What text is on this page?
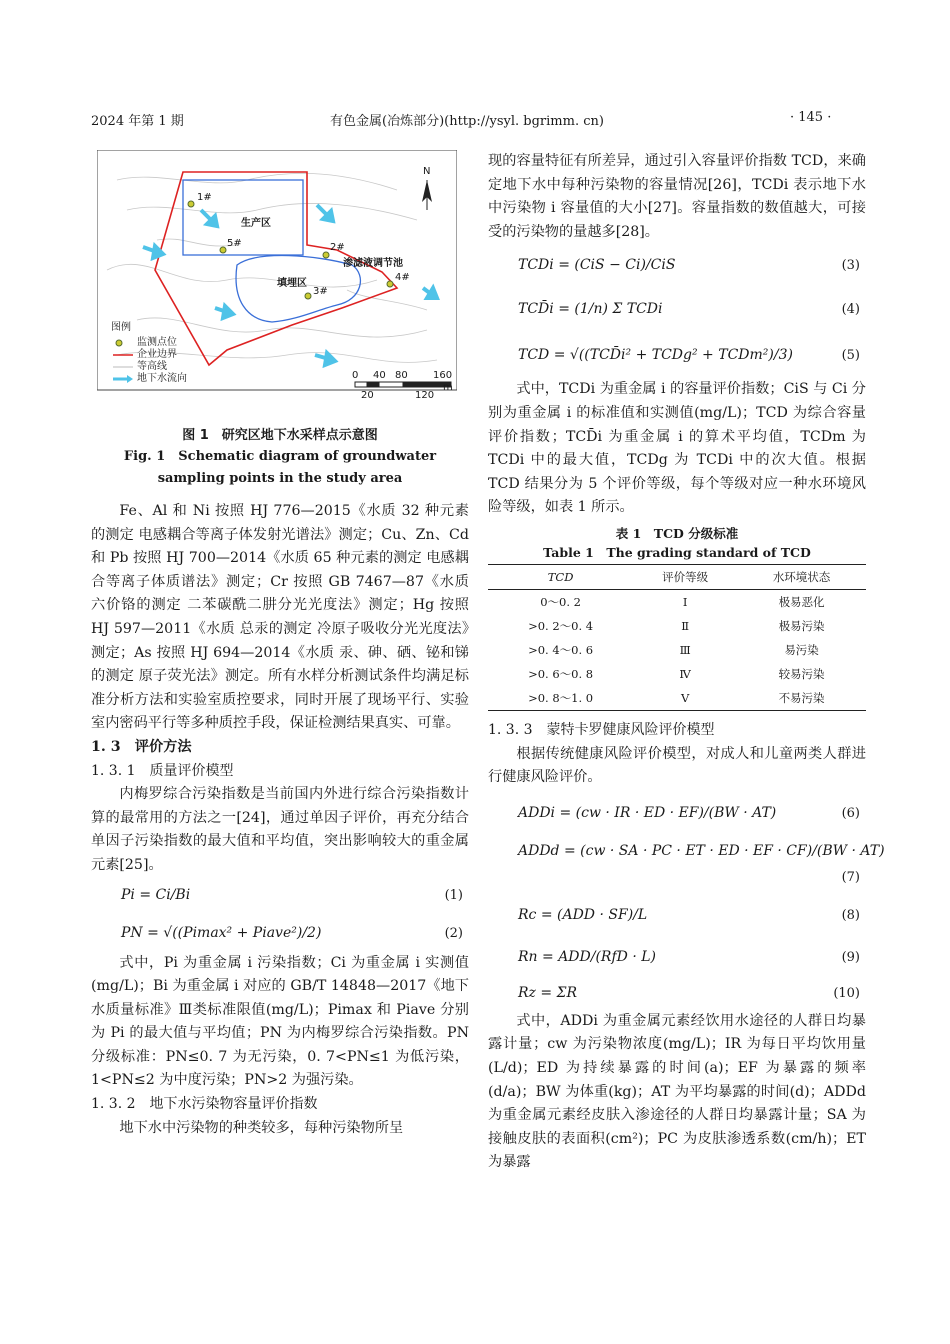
2024 年第 1 期	有色金属(冶炼部分)(http://ysyl. bgrimm. cn)	· 145 ·
N
1#
2#
3#
4#
5#
生产区
填埋区
渗滤液调节池
图例
监测点位
企业边界
等高线
地下水流向	0 40 80	160
20	120
m

图 1　研究区地下水采样点示意图

Fig. 1　Schematic diagram of groundwater

sampling points in the study area

Fe、Al 和 Ni 按照 HJ 776—2015《水质 32 种元素的测定 电感耦合等离子体发射光谱法》测定；Cu、Zn、Cd 和 Pb 按照 HJ 700—2014《水质 65 种元素的测定 电感耦合等离子体质谱法》测定；Cr 按照 GB 7467—87《水质 六价铬的测定 二苯碳酰二肼分光光度法》测定；Hg 按照 HJ 597—2011《水质 总汞的测定 冷原子吸收分光光度法》测定；As 按照 HJ 694—2014《水质 汞、砷、硒、铋和锑的测定 原子荧光法》测定。所有水样分析测试条件均满足标准分析方法和实验室质控要求，同时开展了现场平行、实验室内密码平行等多种质控手段，保证检测结果真实、可靠。

1. 3　评价方法

1. 3. 1　质量评价模型

内梅罗综合污染指数是当前国内外进行综合污染指数计算的最常用的方法之一[24]，通过单因子评价，再充分结合单因子污染指数的最大值和平均值，突出影响较大的重金属元素[25]。

Pi = Ci/Bi	(1)
PN = √((Pimax² + Piave²)/2)	(2)

式中，Pi 为重金属 i 污染指数；Ci 为重金属 i 实测值(mg/L)；Bi 为重金属 i 对应的 GB/T 14848—2017《地下水质量标准》Ⅲ类标准限值(mg/L)；Pimax 和 Piave 分别为 Pi 的最大值与平均值；PN 为内梅罗综合污染指数。PN 分级标准：PN≤0. 7 为无污染，0. 7<PN≤1 为低污染，1<PN≤2 为中度污染；PN>2 为强污染。

1. 3. 2　地下水污染物容量评价指数

地下水中污染物的种类较多，每种污染物所呈

现的容量特征有所差异，通过引入容量评价指数 TCD，来确定地下水中每种污染物的容量情况[26]，TCDi 表示地下水中污染物 i 容量值的大小[27]。容量指数的数值越大，可接受的污染物的量越多[28]。

TCDi = (CiS − Ci)/CiS	(3)
TCD̄i = (1/n) Σ TCDi	(4)
TCD = √((TCD̄i² + TCDg² + TCDm²)/3)	(5)

式中，TCDi 为重金属 i 的容量评价指数；CiS 与 Ci 分别为重金属 i 的标准值和实测值(mg/L)；TCD 为综合容量评价指数；TCD̄i 为重金属 i 的算术平均值，TCDm 为 TCDi 中的最大值，TCDg 为 TCDi 中的次大值。根据 TCD 结果分为 5 个评价等级，每个等级对应一种水环境风险等级，如表 1 所示。

表 1　TCD 分级标准

Table 1　The grading standard of TCD

TCD	评价等级	水环境状态
0～0. 2	Ⅰ	极易恶化
>0. 2～0. 4	Ⅱ	极易污染
>0. 4～0. 6	Ⅲ	易污染
>0. 6～0. 8	Ⅳ	较易污染
>0. 8～1. 0	Ⅴ	不易污染

1. 3. 3　蒙特卡罗健康风险评价模型

根据传统健康风险评价模型，对成人和儿童两类人群进行健康风险评价。

ADDi = (cw · IR · ED · EF)/(BW · AT)	(6)
ADDd = (cw · SA · PC · ET · ED · EF · CF)/(BW · AT)
(7)
Rc = (ADD · SF)/L	(8)
Rn = ADD/(RfD · L)	(9)
Rz = ΣR	(10)

式中，ADDi 为重金属元素经饮用水途径的人群日均暴露计量；cw 为污染物浓度(mg/L)；IR 为每日平均饮用量(L/d)；ED 为持续暴露的时间(a)；EF 为暴露的频率(d/a)；BW 为体重(kg)；AT 为平均暴露的时间(d)；ADDd 为重金属元素经皮肤入渗途径的人群日均暴露计量；SA 为接触皮肤的表面积(cm²)；PC 为皮肤渗透系数(cm/h)；ET 为暴露
